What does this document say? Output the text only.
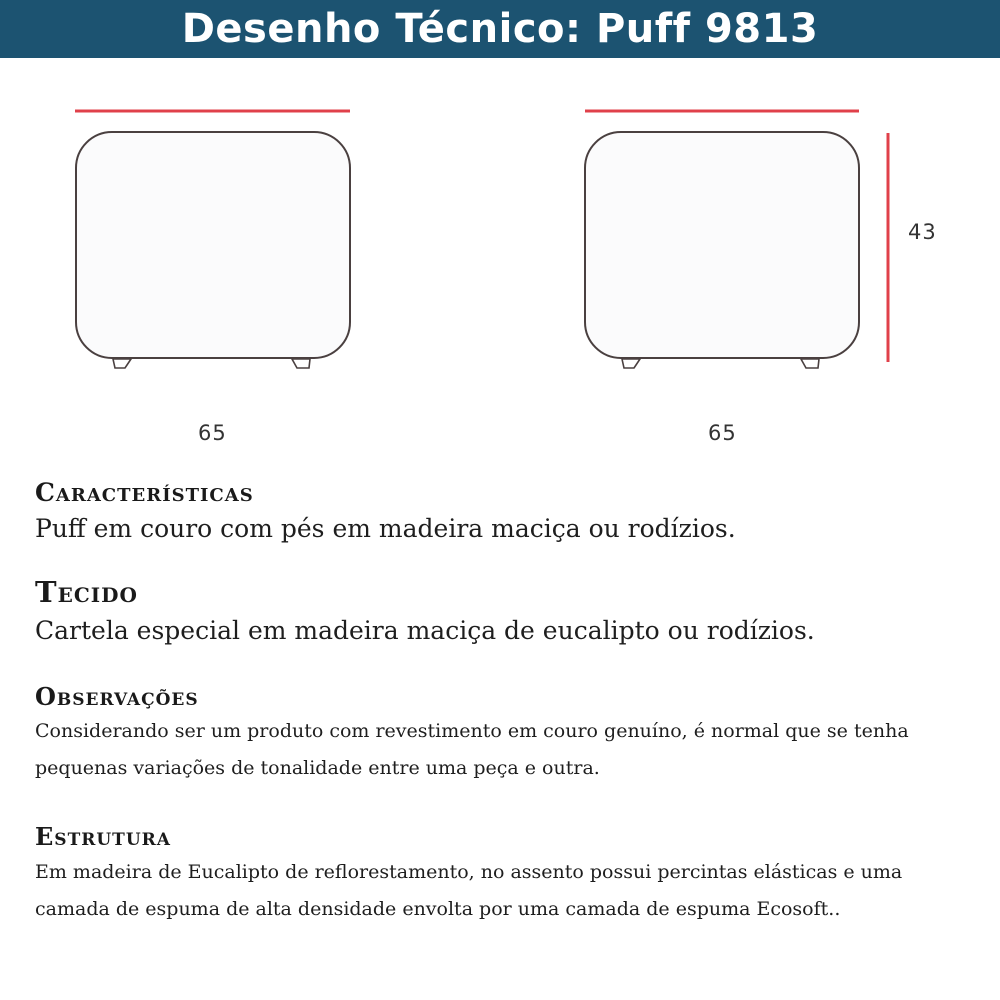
Desenho Técnico: Puff 9813
65	65
43
Características

Puff em couro com pés em madeira maciça ou rodízios.

Tecido

Cartela especial em madeira maciça de eucalipto ou rodízios.

Observações

Considerando ser um produto com revestimento em couro genuíno, é normal que se tenha pequenas variações de tonalidade entre uma peça e outra.

Estrutura

Em madeira de Eucalipto de reflorestamento, no assento possui percintas elásticas e uma camada de espuma de alta densidade envolta por uma camada de espuma Ecosoft..
